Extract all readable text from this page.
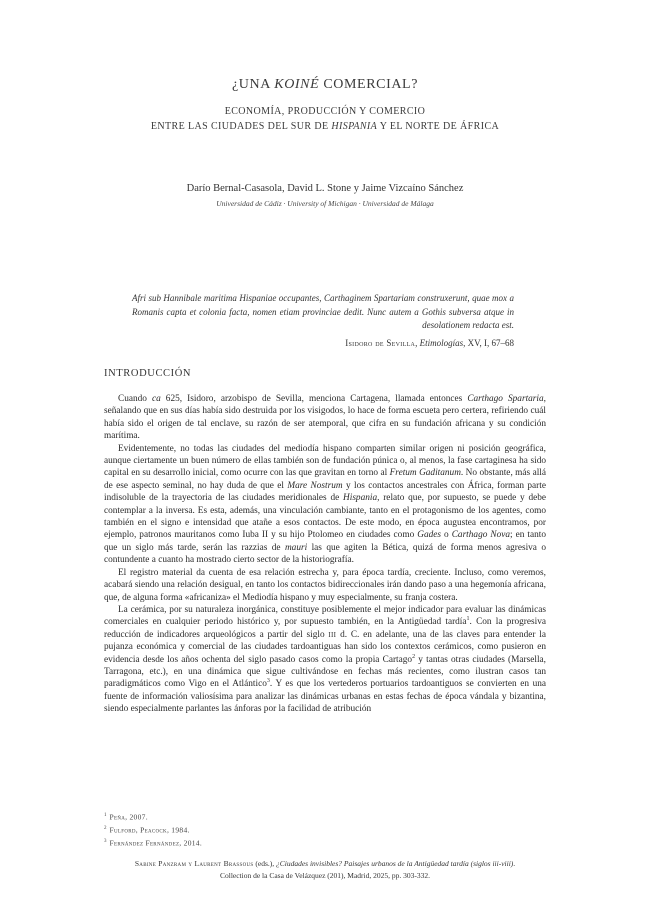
¿UNA KOINÉ COMERCIAL?
ECONOMÍA, PRODUCCIÓN Y COMERCIO
ENTRE LAS CIUDADES DEL SUR DE HISPANIA Y EL NORTE DE ÁFRICA
Darío Bernal-Casasola, David L. Stone y Jaime Vizcaíno Sánchez
Universidad de Cádiz · University of Michigan · Universidad de Málaga
Afri sub Hannibale maritima Hispaniae occupantes, Carthaginem Spartariam construxerunt, quae mox a Romanis capta et colonia facta, nomen etiam provinciae dedit. Nunc autem a Gothis subversa atque in desolationem redacta est.
Isidoro de Sevilla, Etimologías, XV, I, 67–68
INTRODUCCIÓN

Cuando ca 625, Isidoro, arzobispo de Sevilla, menciona Cartagena, llamada entonces Carthago Spartaria, señalando que en sus días había sido destruida por los visigodos, lo hace de forma escueta pero certera, refiriendo cuál había sido el origen de tal enclave, su razón de ser atemporal, que cifra en su fundación africana y su condición marítima.

Evidentemente, no todas las ciudades del mediodía hispano comparten similar origen ni posición geográfica, aunque ciertamente un buen número de ellas también son de fundación púnica o, al menos, la fase cartaginesa ha sido capital en su desarrollo inicial, como ocurre con las que gravitan en torno al Fretum Gaditanum. No obstante, más allá de ese aspecto seminal, no hay duda de que el Mare Nostrum y los contactos ancestrales con África, forman parte indisoluble de la trayectoria de las ciudades meridionales de Hispania, relato que, por supuesto, se puede y debe contemplar a la inversa. Es esta, además, una vinculación cambiante, tanto en el protagonismo de los agentes, como también en el signo e intensidad que atañe a esos contactos. De este modo, en época augustea encontramos, por ejemplo, patronos mauritanos como Iuba II y su hijo Ptolomeo en ciudades como Gades o Carthago Nova; en tanto que un siglo más tarde, serán las razzias de mauri las que agiten la Bética, quizá de forma menos agresiva o contundente a cuanto ha mostrado cierto sector de la historiografía.

El registro material da cuenta de esa relación estrecha y, para época tardía, creciente. Incluso, como veremos, acabará siendo una relación desigual, en tanto los contactos bidireccionales irán dando paso a una hegemonía africana, que, de alguna forma «africaniza» el Mediodía hispano y muy especialmente, su franja costera.

La cerámica, por su naturaleza inorgánica, constituye posiblemente el mejor indicador para evaluar las dinámicas comerciales en cualquier periodo histórico y, por supuesto también, en la Antigüedad tardía$^1$. Con la progresiva reducción de indicadores arqueológicos a partir del siglo iii d. C. en adelante, una de las claves para entender la pujanza económica y comercial de las ciudades tardoantiguas han sido los contextos cerámicos, como pusieron en evidencia desde los años ochenta del siglo pasado casos como la propia Cartago$^2$ y tantas otras ciudades (Marsella, Tarragona, etc.), en una dinámica que sigue cultivándose en fechas más recientes, como ilustran casos tan paradigmáticos como Vigo en el Atlántico$^3$. Y es que los vertederos portuarios tardoantiguos se convierten en una fuente de información valiosísima para analizar las dinámicas urbanas en estas fechas de época vándala y bizantina, siendo especialmente parlantes las ánforas por la facilidad de atribución

$^1$ Peña, 2007.
$^2$ Fulford, Peacock, 1984.
$^3$ Fernández Fernández, 2014.
Sabine Panzram y Laurent Brassous (eds.), ¿Ciudades invisibles? Paisajes urbanos de la Antigüedad tardía (siglos iii-viii).
Collection de la Casa de Velázquez (201), Madrid, 2025, pp. 303-332.
